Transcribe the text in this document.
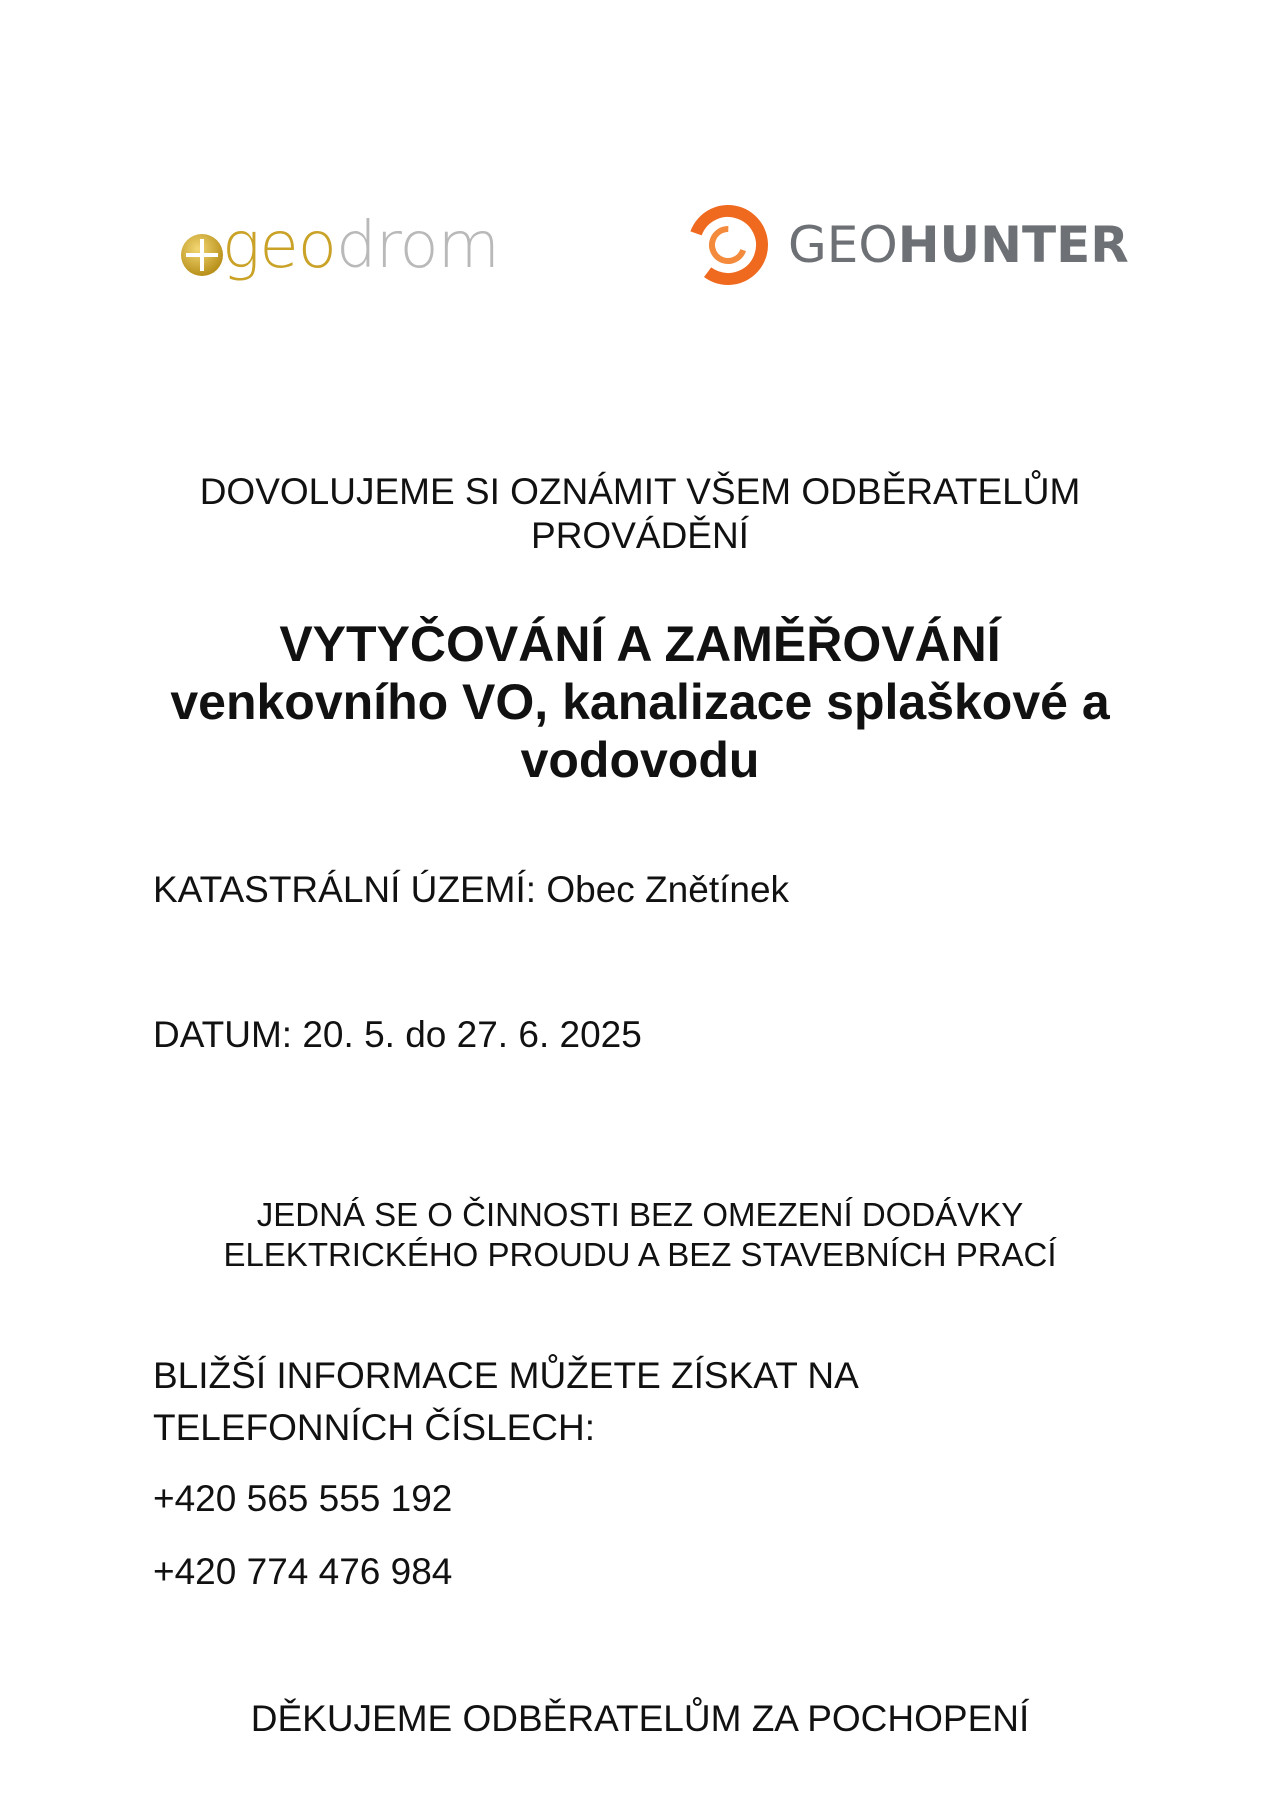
geodrom	GEOHUNTER
DOVOLUJEME SI OZNÁMIT VŠEM ODBĚRATELŮM
PROVÁDĚNÍ
VYTYČOVÁNÍ A ZAMĚŘOVÁNÍ
venkovního VO, kanalizace splaškové a
vodovodu
KATASTRÁLNÍ ÚZEMÍ: Obec Znětínek
DATUM: 20. 5. do 27. 6. 2025
JEDNÁ SE O ČINNOSTI BEZ OMEZENÍ DODÁVKY
ELEKTRICKÉHO PROUDU A BEZ STAVEBNÍCH PRACÍ
BLIŽŠÍ INFORMACE MŮŽETE ZÍSKAT NA
TELEFONNÍCH ČÍSLECH:
+420 565 555 192
+420 774 476 984
DĚKUJEME ODBĚRATELŮM ZA POCHOPENÍ
